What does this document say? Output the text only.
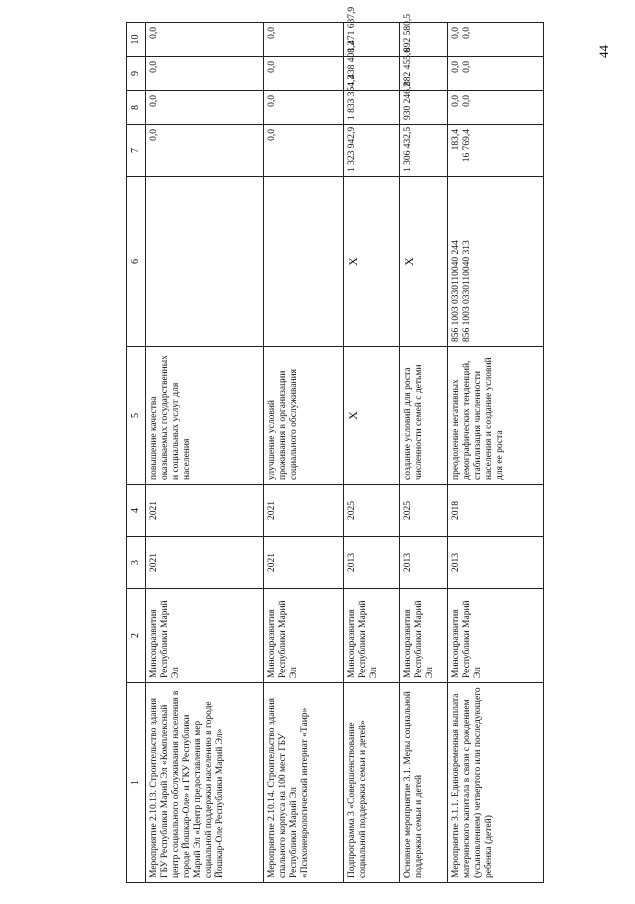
44
1	2	3	4	5	6	7	8	9	10
Мероприятие 2.10.13. Строительство здания ГБУ Республики Марий Эл «Комплексный центр социального обслуживания населения в городе Йошкар-Оле» и ГКУ Республики Марий Эл «Центр предоставления мер социальной поддержки населению в городе Йошкар-Оле Республики Марий Эл»	Минсоцразвития Республики Марий Эл	2021	2021	повышение качества оказываемых государственных и социальных услуг для населения		0,0	0,0	0,0	0,0
Мероприятие 2.10.14. Строительство здания спального корпуса на 100 мест ГБУ Республики Марий Эл «Психоневрологический интернат «Таир»	Минсоцразвития Республики Марий Эл	2021	2021	улучшение условий проживания в организации социального обслуживания		0,0	0,0	0,0	0,0
Подпрограмма 3 «Совершенствование социальной поддержки семьи и детей»	Минсоцразвития Республики Марий Эл	2013	2025	X	X	1 323 942,9	1 833 354,2	1 438 408,2	1 471 637,9
Основное мероприятие 3.1. Меры социальной поддержки семьи и детей	Минсоцразвития Республики Марий Эл	2013	2025	создание условий для роста численности семей с детьми	X	1 306 432,5	930 246,2	882 455,6	892 580,5
Мероприятие 3.1.1. Единовременная выплата материнского капитала в связи с рождением (усыновлением) четвертого или последующего ребенка (детей)	Минсоцразвития Республики Марий Эл	2013	2018	преодоление негативных демографических тенденций, стабилизация численности населения и создание условий для ее роста	856 1003 0330110040 244 856 1003 0330110040 313	183,4 16 769,4	0,0 0,0	0,0 0,0	0,0 0,0
